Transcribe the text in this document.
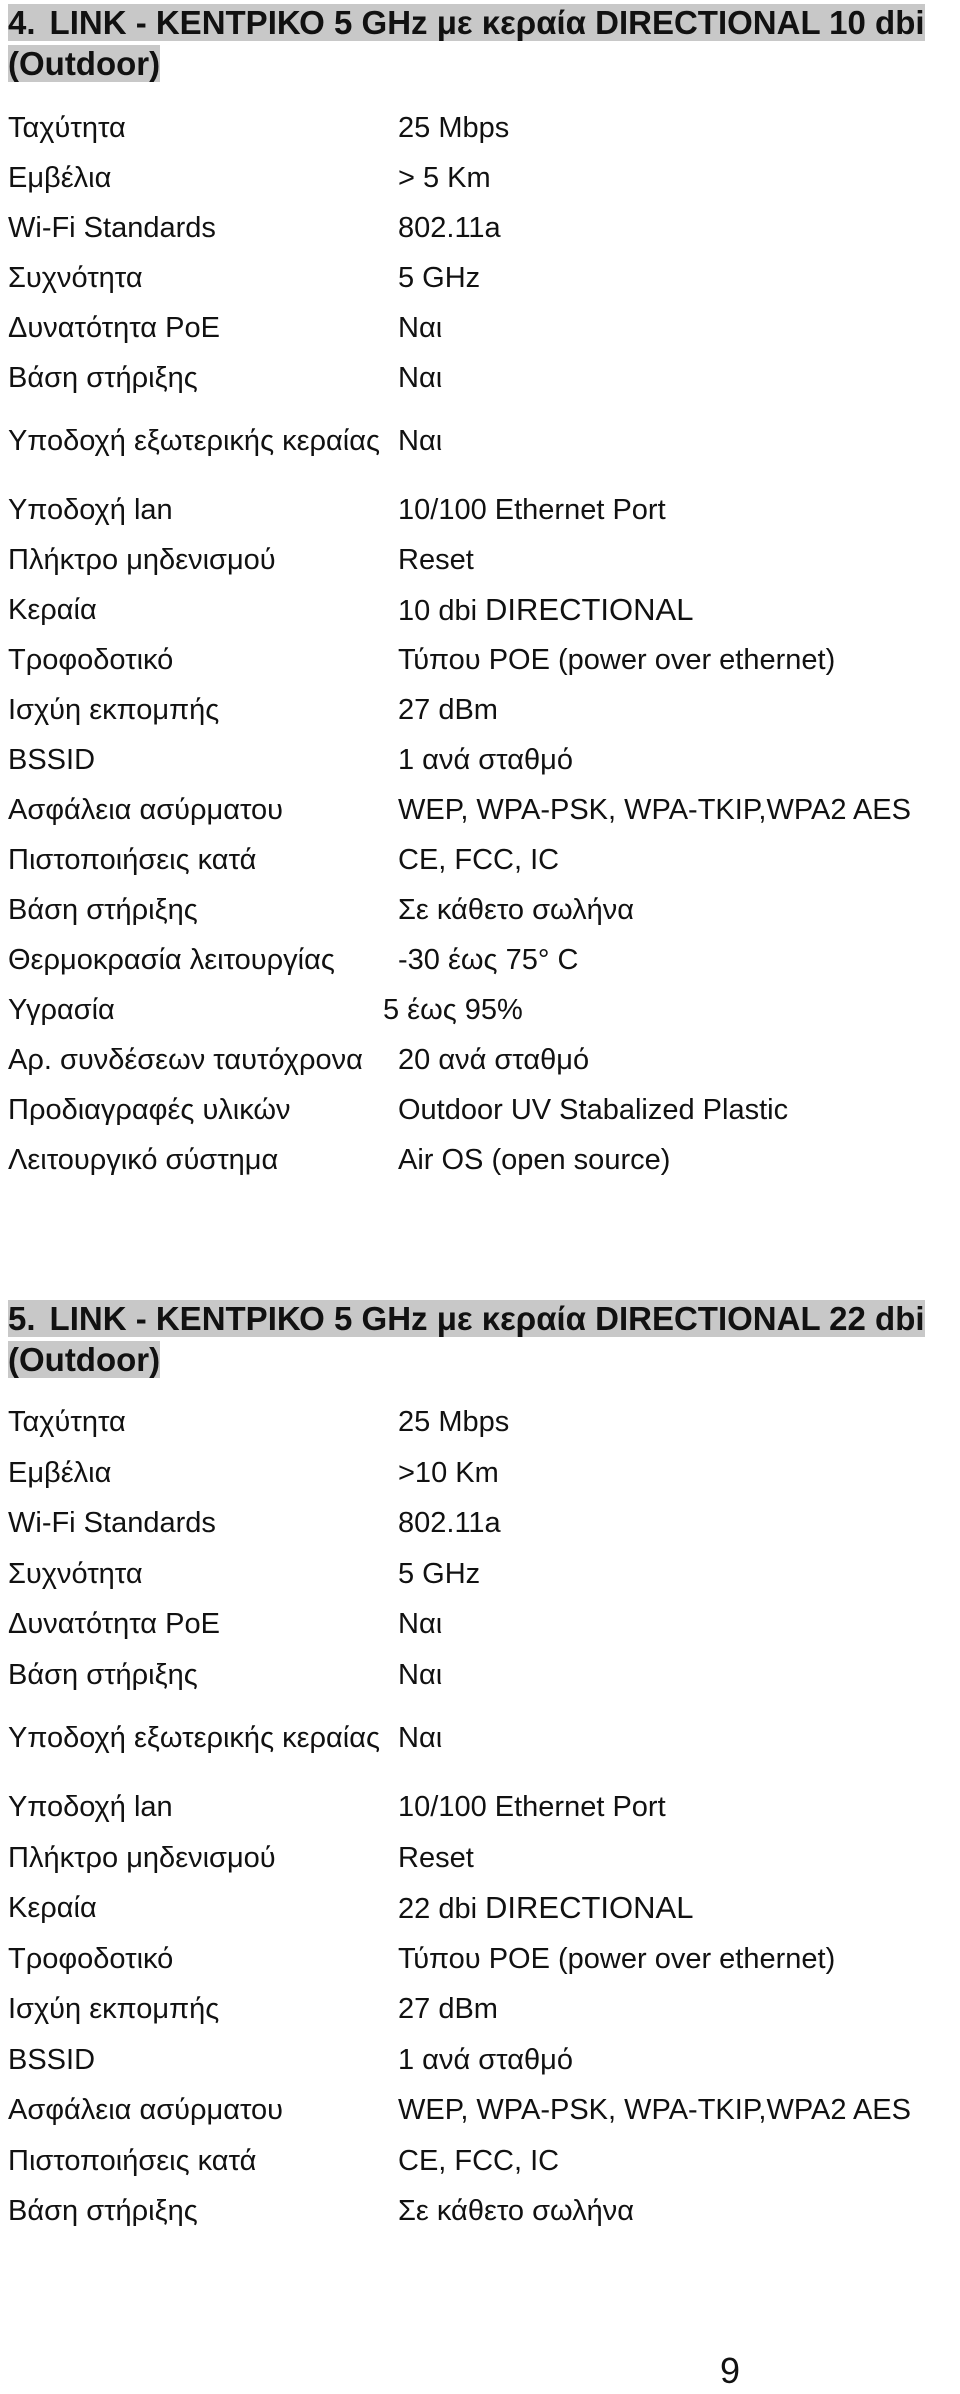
4. LINK - ΚΕΝΤΡΙΚΟ 5 GHz με κεραία DIRECTIONAL 10 dbi (Outdoor)
Ταχύτητα	25 Mbps
Εμβέλια	> 5 Km
Wi-Fi Standards	802.11a
Συχνότητα	5 GHz
Δυνατότητα PoE	Ναι
Βάση στήριξης	Ναι
Υποδοχή εξωτερικής κεραίας Ναι
Υποδοχή lan	10/100 Ethernet Port
Πλήκτρο μηδενισμού	Reset
Κεραία	10 dbi DIRECTIONAL
Τροφοδοτικό	Τύπου POE (power over ethernet)
Ισχύη εκπομπής	27 dBm
BSSID	1 ανά σταθμό
Ασφάλεια ασύρματου	WEP, WPA-PSK, WPA-TKIP,WPA2 AES
Πιστοποιήσεις κατά	CE, FCC, IC
Βάση στήριξης	Σε κάθετο σωλήνα
Θερμοκρασία λειτουργίας	-30 έως 75° C
Υγρασία	5 έως 95%
Αρ. συνδέσεων ταυτόχρονα	20 ανά σταθμό
Προδιαγραφές υλικών	Outdoor UV Stabalized Plastic
Λειτουργικό σύστημα	Air OS (open source)
5. LINK - ΚΕΝΤΡΙΚΟ 5 GHz με κεραία DIRECTIONAL 22 dbi (Outdoor)
Ταχύτητα	25 Mbps
Εμβέλια	>10 Km
Wi-Fi Standards	802.11a
Συχνότητα	5 GHz
Δυνατότητα PoE	Ναι
Βάση στήριξης	Ναι
Υποδοχή εξωτερικής κεραίας Ναι
Υποδοχή lan	10/100 Ethernet Port
Πλήκτρο μηδενισμού	Reset
Κεραία	22 dbi DIRECTIONAL
Τροφοδοτικό	Τύπου POE (power over ethernet)
Ισχύη εκπομπής	27 dBm
BSSID	1 ανά σταθμό
Ασφάλεια ασύρματου	WEP, WPA-PSK, WPA-TKIP,WPA2 AES
Πιστοποιήσεις κατά	CE, FCC, IC
Βάση στήριξης	Σε κάθετο σωλήνα
9
